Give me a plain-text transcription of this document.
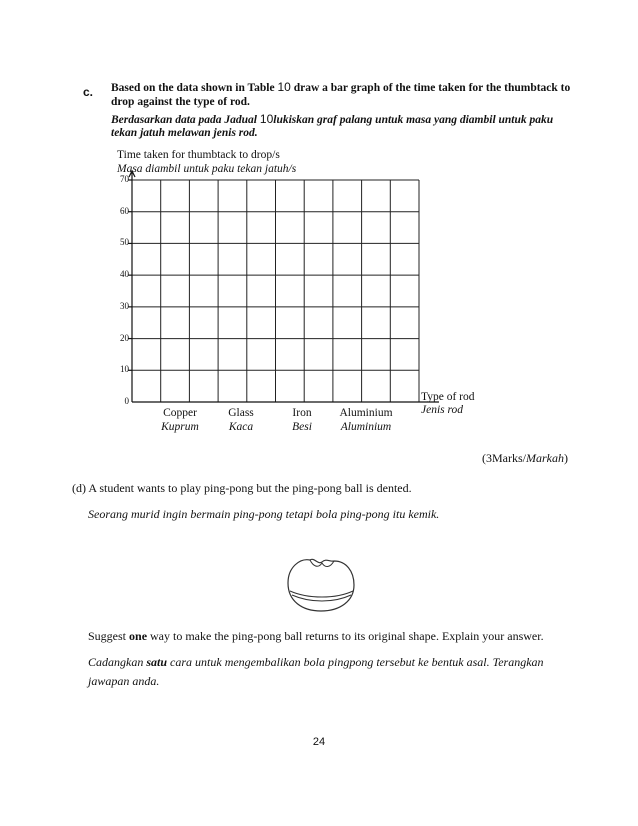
c. Based on the data shown in Table 10 draw a bar graph of the time taken for the thumbtack to
drop against the type of rod.
Berdasarkan data pada Jadual 10lukiskan graf palang untuk masa yang diambil untuk paku
tekan jatuh melawan jenis rod.
Time taken for thumbtack to drop/s
Masa diambil untuk paku tekan jatuh/s
70
60
50
40
30
20
10
0
Copper
Kuprum
Glass
Kaca
Iron
Besi
Aluminium
Aluminium
Type of rod
Jenis rod
(3Marks/Markah)
(d) A student wants to play ping-pong but the ping-pong ball is dented.
Seorang murid ingin bermain ping-pong tetapi bola ping-pong itu kemik.
Suggest one way to make the ping-pong ball returns to its original shape. Explain your answer.
Cadangkan satu cara untuk mengembalikan bola pingpong tersebut ke bentuk asal. Terangkan
jawapan anda.
24
